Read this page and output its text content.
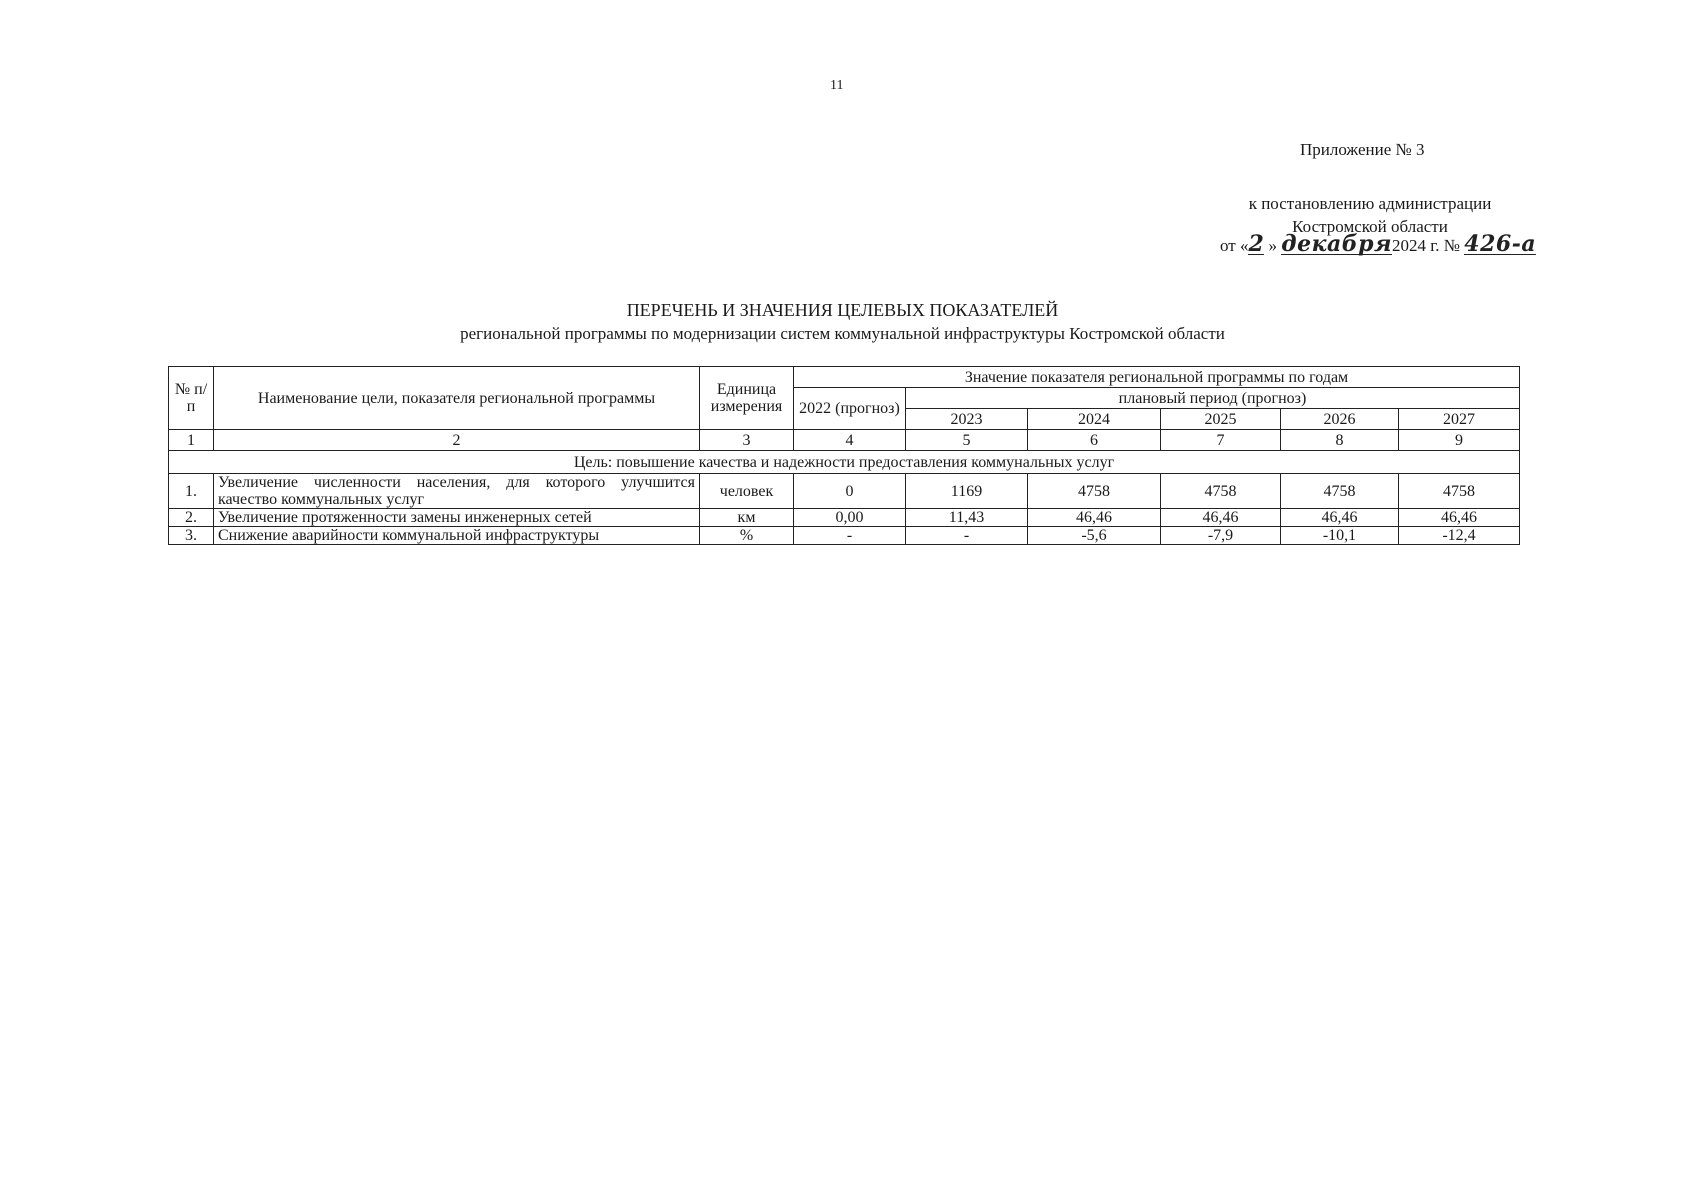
11
Приложение № 3
к постановлению администрации
Костромской области
от «2 » декабря2024 г. № 426-а
ПЕРЕЧЕНЬ И ЗНАЧЕНИЯ ЦЕЛЕВЫХ ПОКАЗАТЕЛЕЙ
региональной программы по модернизации систем коммунальной инфраструктуры Костромской области
№ п/п	Наименование цели, показателя региональной программы	Единица измерения	Значение показателя региональной программы по годам					
			2022 (прогноз)	плановый период (прогноз)				
				2023	2024	2025	2026	2027
1	2	3	4	5	6	7	8	9
Цель: повышение качества и надежности предоставления коммунальных услуг								
1.	Увеличение численности населения, для которого улучшится качество коммунальных услуг	человек	0	1169	4758	4758	4758	4758
2.	Увеличение протяженности замены инженерных сетей	км	0,00	11,43	46,46	46,46	46,46	46,46
3.	Снижение аварийности коммунальной инфраструктуры	%	-	-	-5,6	-7,9	-10,1	-12,4
